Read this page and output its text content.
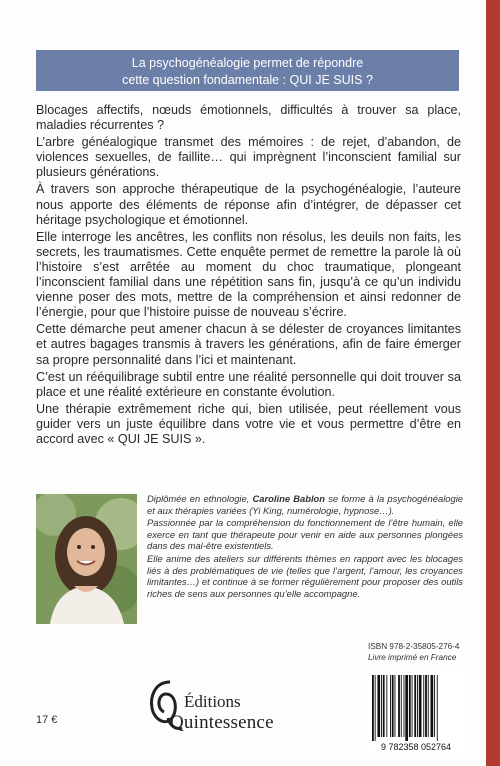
La psychogénéalogie permet de répondre
cette question fondamentale : QUI JE SUIS ?

Blocages affectifs, nœuds émotionnels, difficultés à trouver sa place, maladies récurrentes ?

L’arbre généalogique transmet des mémoires : de rejet, d’abandon, de violences sexuelles, de faillite… qui imprègnent l’inconscient familial sur plusieurs générations.

À travers son approche thérapeutique de la psychogénéalogie, l’auteure nous apporte des éléments de réponse afin d’intégrer, de dépasser cet héritage psychologique et émotionnel.

Elle interroge les ancêtres, les conflits non résolus, les deuils non faits, les secrets, les traumatismes. Cette enquête permet de remettre la parole là où l’histoire s’est arrêtée au moment du choc traumatique, plongeant l’inconscient familial dans une répétition sans fin, jusqu’à ce qu’un individu vienne poser des mots, mettre de la compréhension et ainsi redonner de l’énergie, pour que l’histoire puisse de nouveau s’écrire.

Cette démarche peut amener chacun à se délester de croyances limitantes et autres bagages transmis à travers les générations, afin de faire émerger sa propre personnalité dans l’ici et maintenant.

C’est un rééquilibrage subtil entre une réalité personnelle qui doit trouver sa place et une réalité extérieure en constante évolution.

Une thérapie extrêmement riche qui, bien utilisée, peut réellement vous guider vers un juste équilibre dans votre vie et vous permettre d’être en accord avec « QUI JE SUIS ».

Diplômée en ethnologie, Caroline Bablon se forme à la psychogénéalogie et aux thérapies variées (Yi King, numérologie, hypnose…).

Passionnée par la compréhension du fonctionnement de l’être humain, elle exerce en tant que thérapeute pour venir en aide aux personnes plongées dans des mal-être existentiels.

Elle anime des ateliers sur différents thèmes en rapport avec les blocages liés à des problématiques de vie (telles que l’argent, l’amour, les croyances limitantes…) et continue à se former régulièrement pour proposer des outils riches de sens aux personnes qu’elle accompagne.

17 €
Éditions
Quintessence
ISBN 978-2-35805-276-4
Livre imprimé en France
9 782358 052764
